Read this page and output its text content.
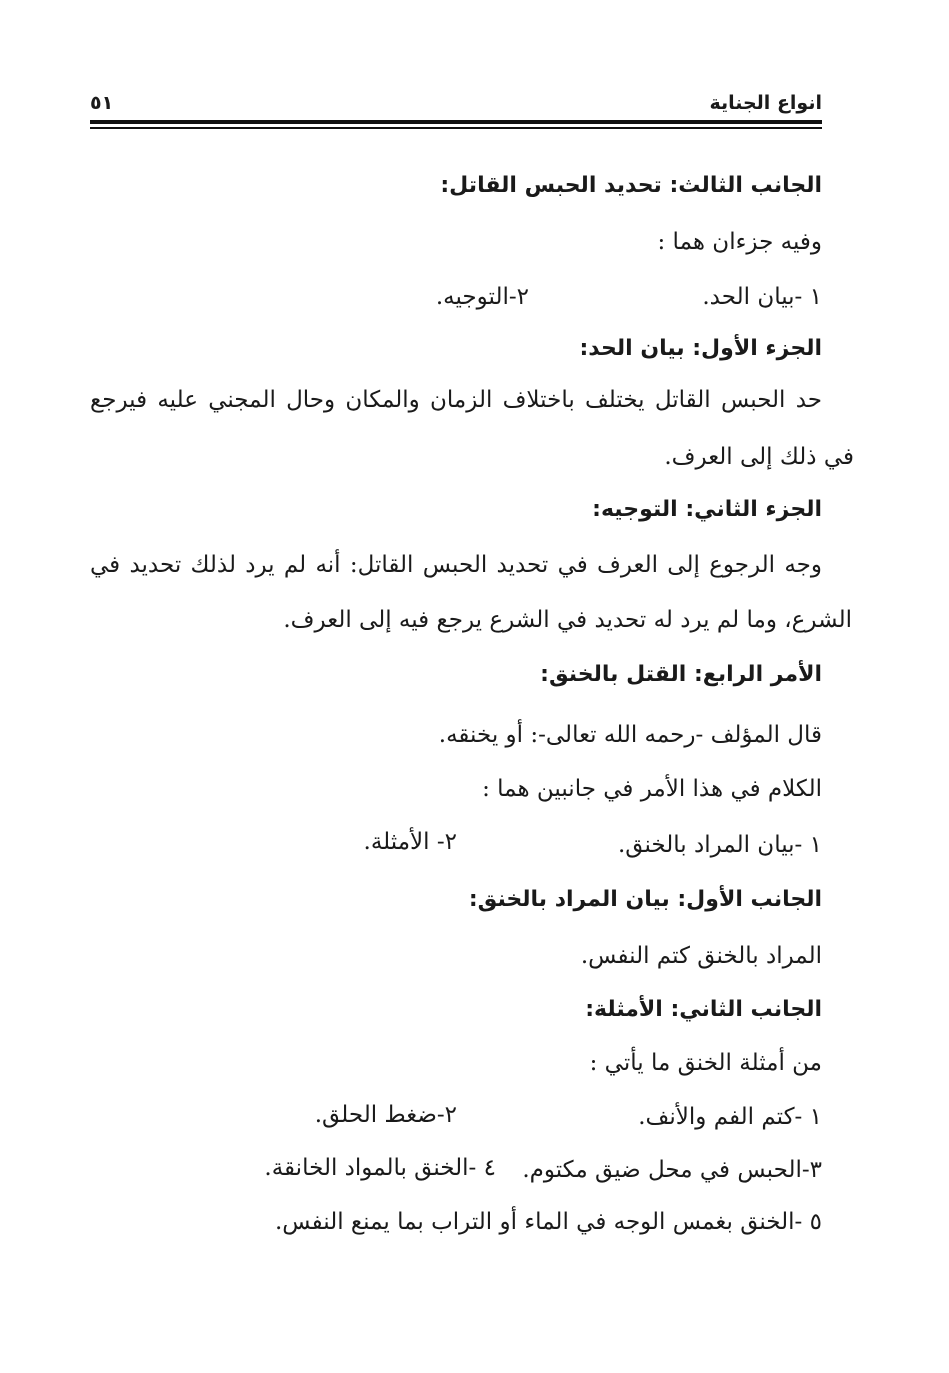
انواع الجناية
٥١
الجانب الثالث: تحديد الحبس القاتل:
وفيه جزءان هما :
١ -بيان الحد.
٢-التوجيه.
الجزء الأول: بيان الحد:
حد الحبس القاتل يختلف باختلاف الزمان والمكان وحال المجني عليه فيرجع
في ذلك إلى العرف.
الجزء الثاني: التوجيه:
وجه الرجوع إلى العرف في تحديد الحبس القاتل: أنه لم يرد لذلك تحديد في
الشرع، وما لم يرد له تحديد في الشرع يرجع فيه إلى العرف.
الأمر الرابع: القتل بالخنق:
قال المؤلف -رحمه الله تعالى-: أو يخنقه.
الكلام في هذا الأمر في جانبين هما :
١ -بيان المراد بالخنق.
٢- الأمثلة.
الجانب الأول: بيان المراد بالخنق:
المراد بالخنق كتم النفس.
الجانب الثاني: الأمثلة:
من أمثلة الخنق ما يأتي :
١ -كتم الفم والأنف.
٢-ضغط الحلق.
٣-الحبس في محل ضيق مكتوم.
٤ -الخنق بالمواد الخانقة.
٥ -الخنق بغمس الوجه في الماء أو التراب بما يمنع النفس.
